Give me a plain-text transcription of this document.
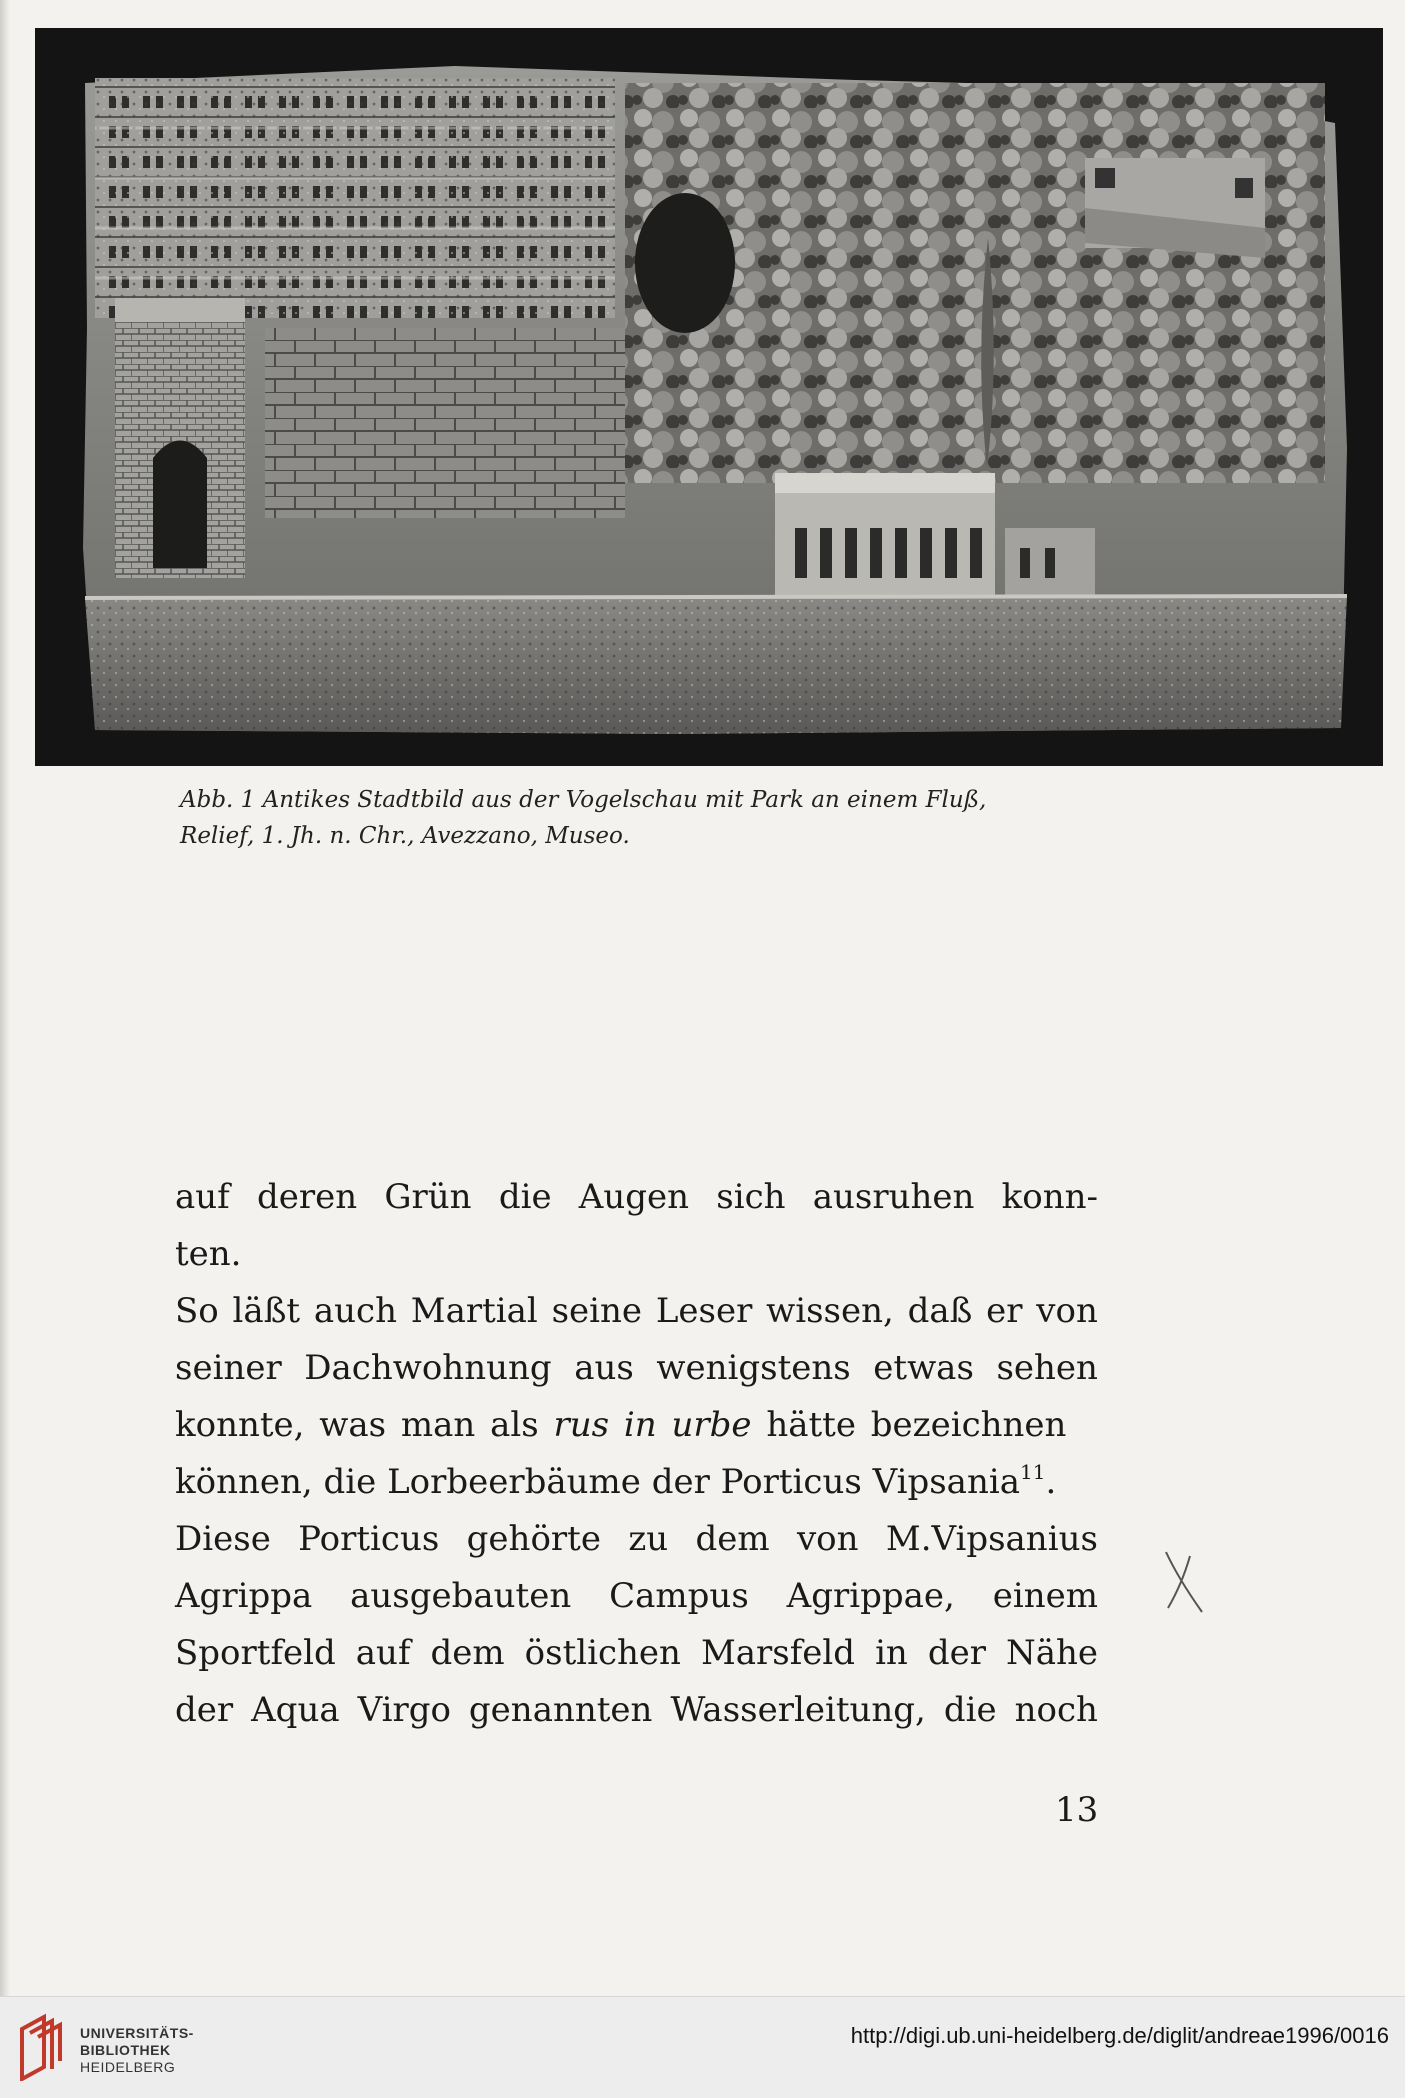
Abb. 1 Antikes Stadtbild aus der Vogelschau mit Park an einem Fluß,
Relief, 1. Jh. n. Chr., Avezzano, Museo.
auf deren Grün die Augen sich ausruhen konn-
ten.
So läßt auch Martial seine Leser wissen, daß er von
seiner Dachwohnung aus wenigstens etwas sehen
konnte, was man als rus in urbe hätte bezeichnen
können, die Lorbeerbäume der Porticus Vipsania$^{11}$.
Diese Porticus gehörte zu dem von M.Vipsanius
Agrippa ausgebauten Campus Agrippae, einem
Sportfeld auf dem östlichen Marsfeld in der Nähe
der Aqua Virgo genannten Wasserleitung, die noch
13
UNIVERSITÄTS-
BIBLIOTHEK
HEIDELBERG
http://digi.ub.uni-heidelberg.de/diglit/andreae1996/0016
